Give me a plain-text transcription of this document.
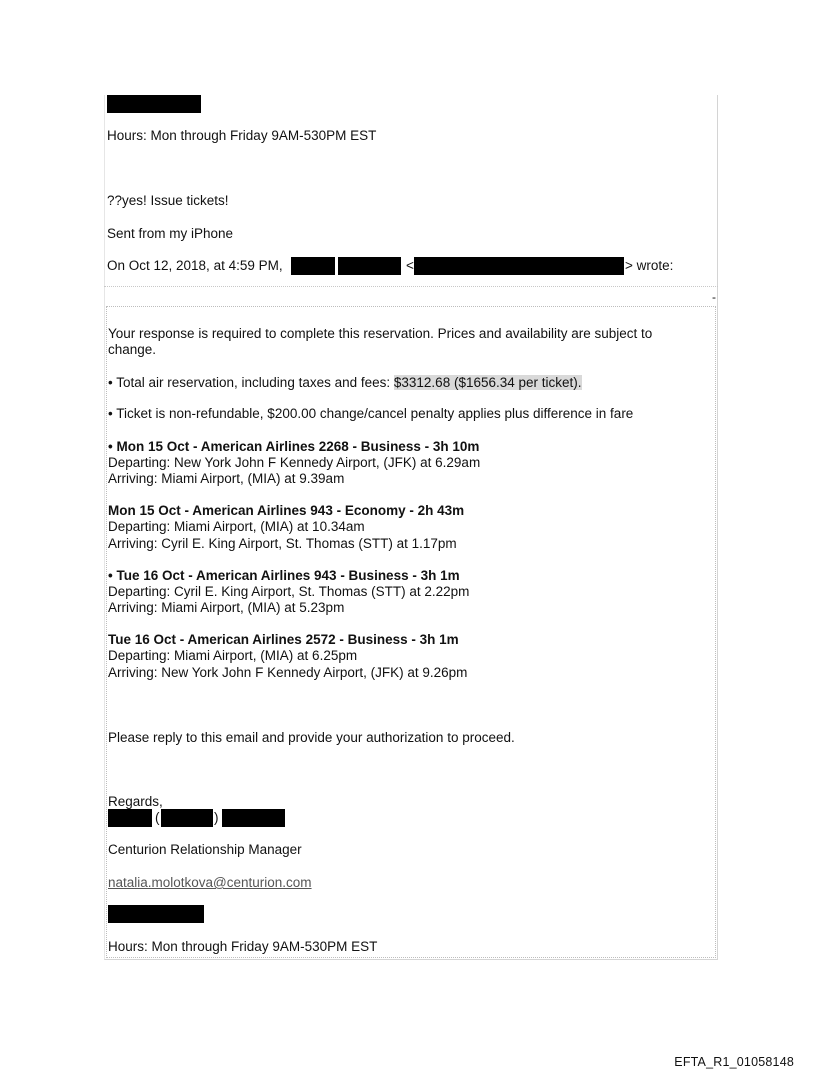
Hours: Mon through Friday 9AM-530PM EST
??yes! Issue tickets!
Sent from my iPhone
On Oct 12, 2018, at 4:59 PM,	<	> wrote:
-
Your response is required to complete this reservation. Prices and availability are subject to
change.
• Total air reservation, including taxes and fees: $3312.68 ($1656.34 per ticket).
• Ticket is non-refundable, $200.00 change/cancel penalty applies plus difference in fare
• Mon 15 Oct - American Airlines 2268 - Business - 3h 10m
Departing: New York John F Kennedy Airport, (JFK) at 6.29am
Arriving: Miami Airport, (MIA) at 9.39am
Mon 15 Oct - American Airlines 943 - Economy - 2h 43m
Departing: Miami Airport, (MIA) at 10.34am
Arriving: Cyril E. King Airport, St. Thomas (STT) at 1.17pm
• Tue 16 Oct - American Airlines 943 - Business - 3h 1m
Departing: Cyril E. King Airport, St. Thomas (STT) at 2.22pm
Arriving: Miami Airport, (MIA) at 5.23pm
Tue 16 Oct - American Airlines 2572 - Business - 3h 1m
Departing: Miami Airport, (MIA) at 6.25pm
Arriving: New York John F Kennedy Airport, (JFK) at 9.26pm
Please reply to this email and provide your authorization to proceed.
Regards,
(	)
Centurion Relationship Manager
natalia.molotkova@centurion.com
Hours: Mon through Friday 9AM-530PM EST
EFTA_R1_01058148
